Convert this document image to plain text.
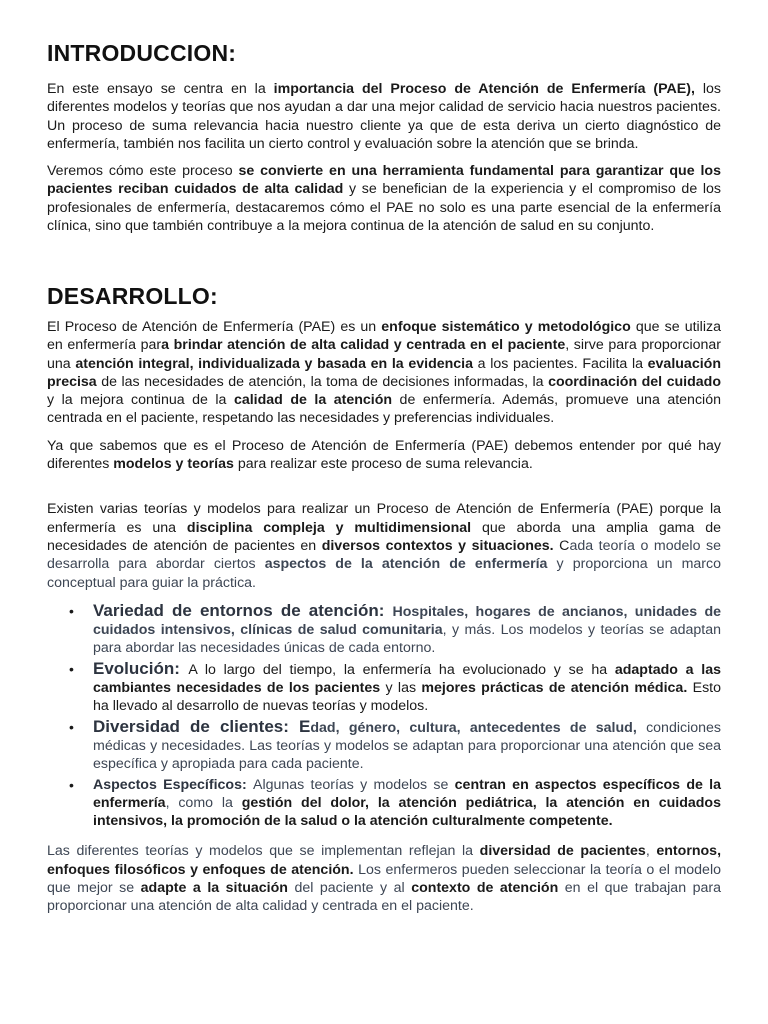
INTRODUCCION:

En este ensayo se centra en la importancia del Proceso de Atención de Enfermería (PAE), los diferentes modelos y teorías que nos ayudan a dar una mejor calidad de servicio hacia nuestros pacientes. Un proceso de suma relevancia hacia nuestro cliente ya que de esta deriva un cierto diagnóstico de enfermería, también nos facilita un cierto control y evaluación sobre la atención que se brinda.

Veremos cómo este proceso se convierte en una herramienta fundamental para garantizar que los pacientes reciban cuidados de alta calidad y se benefician de la experiencia y el compromiso de los profesionales de enfermería, destacaremos cómo el PAE no solo es una parte esencial de la enfermería clínica, sino que también contribuye a la mejora continua de la atención de salud en su conjunto.

DESARROLLO:

El Proceso de Atención de Enfermería (PAE) es un enfoque sistemático y metodológico que se utiliza en enfermería para brindar atención de alta calidad y centrada en el paciente, sirve para proporcionar una atención integral, individualizada y basada en la evidencia a los pacientes. Facilita la evaluación precisa de las necesidades de atención, la toma de decisiones informadas, la coordinación del cuidado y la mejora continua de la calidad de la atención de enfermería. Además, promueve una atención centrada en el paciente, respetando las necesidades y preferencias individuales.

Ya que sabemos que es el Proceso de Atención de Enfermería (PAE) debemos entender por qué hay diferentes modelos y teorías para realizar este proceso de suma relevancia.

Existen varias teorías y modelos para realizar un Proceso de Atención de Enfermería (PAE) porque la enfermería es una disciplina compleja y multidimensional que aborda una amplia gama de necesidades de atención de pacientes en diversos contextos y situaciones. Cada teoría o modelo se desarrolla para abordar ciertos aspectos de la atención de enfermería y proporciona un marco conceptual para guiar la práctica.

• Variedad de entornos de atención: Hospitales, hogares de ancianos, unidades de cuidados intensivos, clínicas de salud comunitaria, y más. Los modelos y teorías se adaptan para abordar las necesidades únicas de cada entorno.
• Evolución: A lo largo del tiempo, la enfermería ha evolucionado y se ha adaptado a las cambiantes necesidades de los pacientes y las mejores prácticas de atención médica. Esto ha llevado al desarrollo de nuevas teorías y modelos.
• Diversidad de clientes: Edad, género, cultura, antecedentes de salud, condiciones médicas y necesidades. Las teorías y modelos se adaptan para proporcionar una atención que sea específica y apropiada para cada paciente.
• Aspectos Específicos: Algunas teorías y modelos se centran en aspectos específicos de la enfermería, como la gestión del dolor, la atención pediátrica, la atención en cuidados intensivos, la promoción de la salud o la atención culturalmente competente.

Las diferentes teorías y modelos que se implementan reflejan la diversidad de pacientes, entornos, enfoques filosóficos y enfoques de atención. Los enfermeros pueden seleccionar la teoría o el modelo que mejor se adapte a la situación del paciente y al contexto de atención en el que trabajan para proporcionar una atención de alta calidad y centrada en el paciente.
